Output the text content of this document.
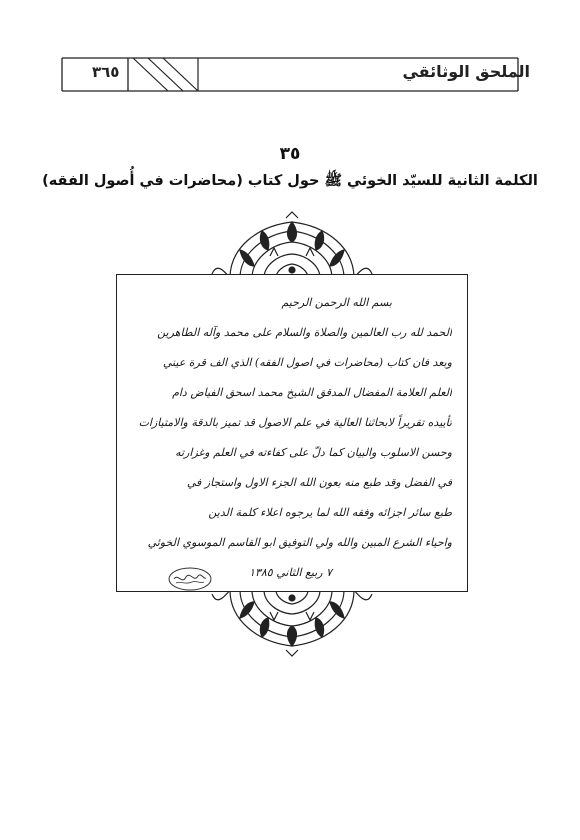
الملحق الوثائقي
٣٦٥
٣٥
الكلمة الثانية للسيّد الخوئي ﷺ حول كتاب (محاضرات في أُصول الفقه)
بسم الله الرحمن الرحيم
الحمد لله رب العالمين والصلاة والسلام على محمد وآله الطاهرين
وبعد فان كتاب (محاضرات في اصول الفقه) الذي الف قرة عيني
العلم العلامة المفضال المدقق الشيخ محمد اسحق الفياض دام
تأييده تقريراً لابحاثنا العالية في علم الاصول قد تميز بالدقة والامتيازات
وحسن الاسلوب والبيان كما دلّ على كفاءته في العلم وغزارته
في الفضل وقد طبع منه بعون الله الجزء الاول واستجاز في
طبع سائر اجزائه وفقه الله لما يرجوه اعلاء كلمة الدين
واحياء الشرع المبين والله ولي التوفيق ابو القاسم الموسوي الخوئي
٧ ربيع الثاني ١٣٨٥
